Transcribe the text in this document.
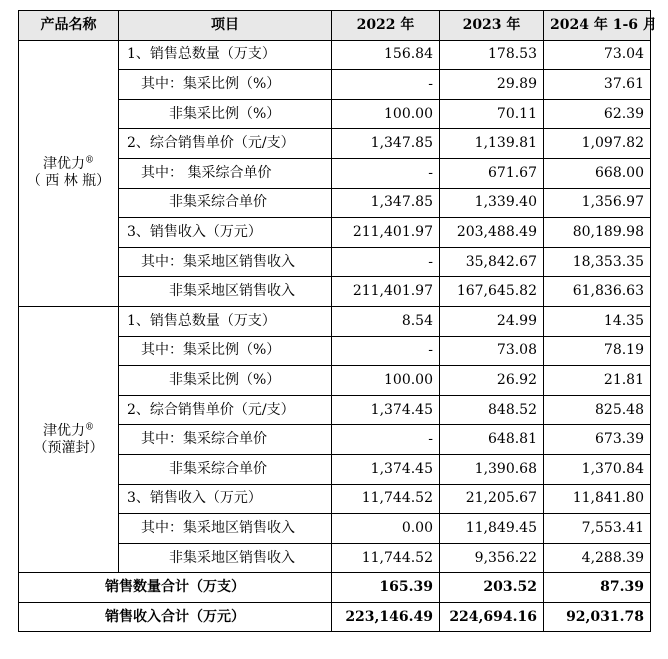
产品名称	项目	2022 年	2023 年	2024 年 1-6 月
津优力®
（ 西 林 瓶）	1、销售总数量（万支）	156.84	178.53	73.04
	其中：集采比例（%）	-	29.89	37.61
	非集采比例（%）	100.00	70.11	62.39
	2、综合销售单价（元/支）	1,347.85	1,139.81	1,097.82
	其中： 集采综合单价	-	671.67	668.00
	非集采综合单价	1,347.85	1,339.40	1,356.97
	3、销售收入（万元）	211,401.97	203,488.49	80,189.98
	其中：集采地区销售收入	-	35,842.67	18,353.35
	非集采地区销售收入	211,401.97	167,645.82	61,836.63
津优力®
（预灌封）	1、销售总数量（万支）	8.54	24.99	14.35
	其中：集采比例（%）	-	73.08	78.19
	非集采比例（%）	100.00	26.92	21.81
	2、综合销售单价（元/支）	1,374.45	848.52	825.48
	其中：集采综合单价	-	648.81	673.39
	非集采综合单价	1,374.45	1,390.68	1,370.84
	3、销售收入（万元）	11,744.52	21,205.67	11,841.80
	其中：集采地区销售收入	0.00	11,849.45	7,553.41
	非集采地区销售收入	11,744.52	9,356.22	4,288.39
销售数量合计（万支）		165.39	203.52	87.39
销售收入合计（万元）		223,146.49	224,694.16	92,031.78
